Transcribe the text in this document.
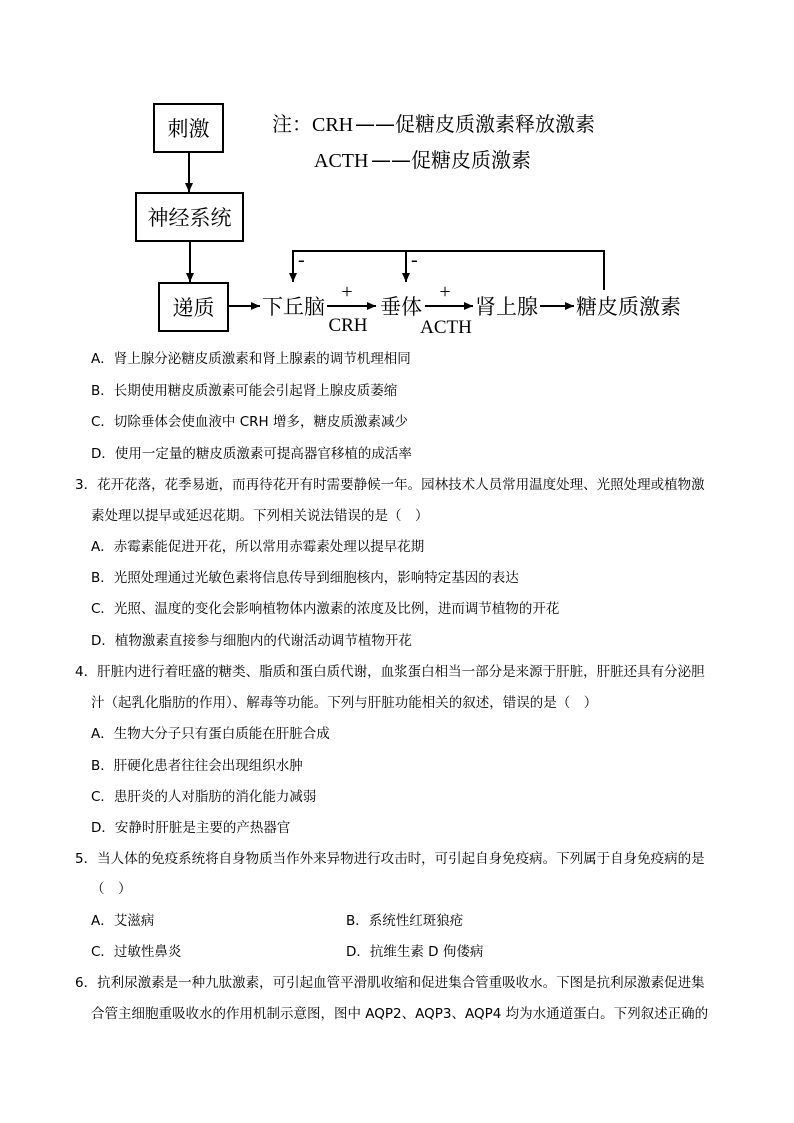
刺激
神经系统
递质
注： CRH ——促糖皮质激素释放激素
ACTH ——促糖皮质激素
下丘脑
+
CRH
垂体
+
ACTH
肾上腺 糖皮质激素
-	-
A．肾上腺分泌糖皮质激素和肾上腺素的调节机理相同
B．长期使用糖皮质激素可能会引起肾上腺皮质萎缩
C．切除垂体会使血液中 CRH 增多，糖皮质激素减少
D．使用一定量的糖皮质激素可提高器官移植的成活率
3．花开花落，花季易逝，而再待花开有时需要静候一年。园林技术人员常用温度处理、光照处理或植物激
素处理以提早或延迟花期。下列相关说法错误的是（　）
A．赤霉素能促进开花，所以常用赤霉素处理以提早花期
B．光照处理通过光敏色素将信息传导到细胞核内，影响特定基因的表达
C．光照、温度的变化会影响植物体内激素的浓度及比例，进而调节植物的开花
D．植物激素直接参与细胞内的代谢活动调节植物开花
4．肝脏内进行着旺盛的糖类、脂质和蛋白质代谢，血浆蛋白相当一部分是来源于肝脏，肝脏还具有分泌胆
汁（起乳化脂肪的作用）、解毒等功能。下列与肝脏功能相关的叙述，错误的是（　）
A．生物大分子只有蛋白质能在肝脏合成
B．肝硬化患者往往会出现组织水肿
C．患肝炎的人对脂肪的消化能力减弱
D．安静时肝脏是主要的产热器官
5．当人体的免疫系统将自身物质当作外来异物进行攻击时，可引起自身免疫病。下列属于自身免疫病的是
（　）
A．艾滋病	B．系统性红斑狼疮
C．过敏性鼻炎	D．抗维生素 D 佝偻病
6．抗利尿激素是一种九肽激素，可引起血管平滑肌收缩和促进集合管重吸收水。下图是抗利尿激素促进集
合管主细胞重吸收水的作用机制示意图，图中 AQP2、AQP3、AQP4 均为水通道蛋白。下列叙述正确的
